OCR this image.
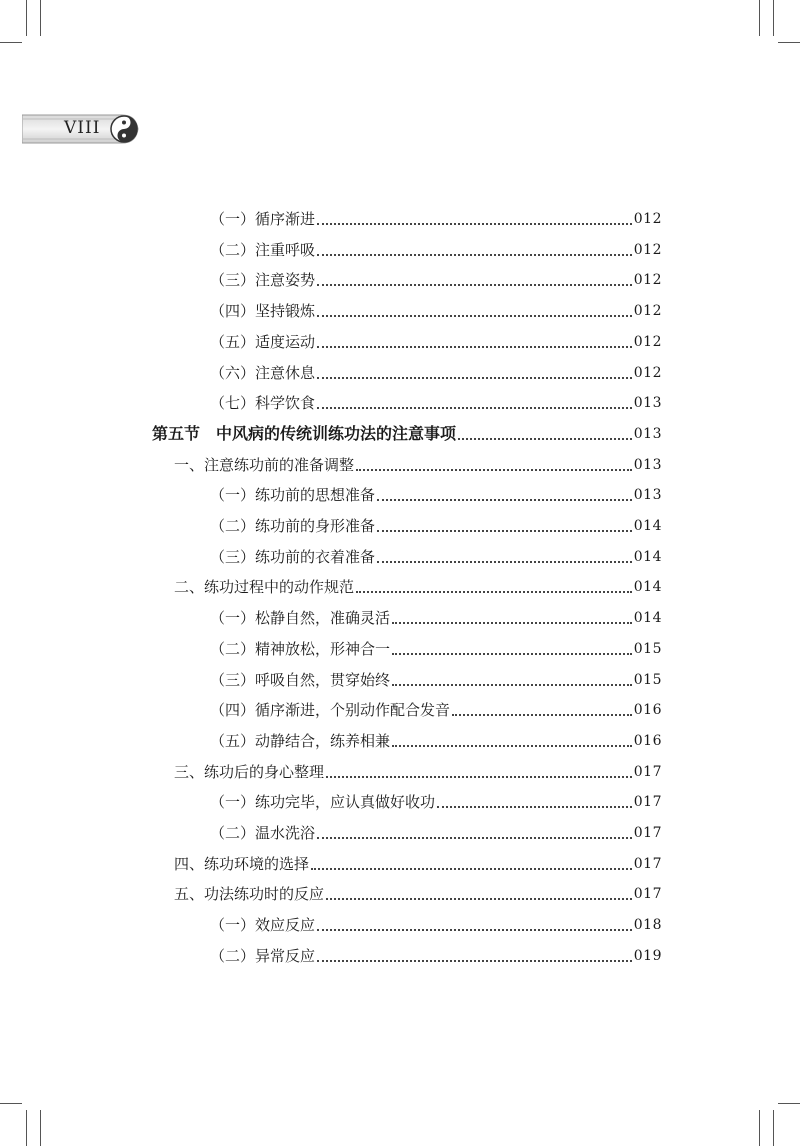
VIII
（一）循序渐进	012
（二）注重呼吸	012
（三）注意姿势	012
（四）坚持锻炼	012
（五）适度运动	012
（六）注意休息	012
（七）科学饮食	013
第五节　中风病的传统训练功法的注意事项	013
一、注意练功前的准备调整	013
（一）练功前的思想准备	013
（二）练功前的身形准备	014
（三）练功前的衣着准备	014
二、练功过程中的动作规范	014
（一）松静自然，准确灵活	014
（二）精神放松，形神合一	015
（三）呼吸自然，贯穿始终	015
（四）循序渐进，个别动作配合发音	016
（五）动静结合，练养相兼	016
三、练功后的身心整理	017
（一）练功完毕，应认真做好收功	017
（二）温水洗浴	017
四、练功环境的选择	017
五、功法练功时的反应	017
（一）效应反应	018
（二）异常反应	019
